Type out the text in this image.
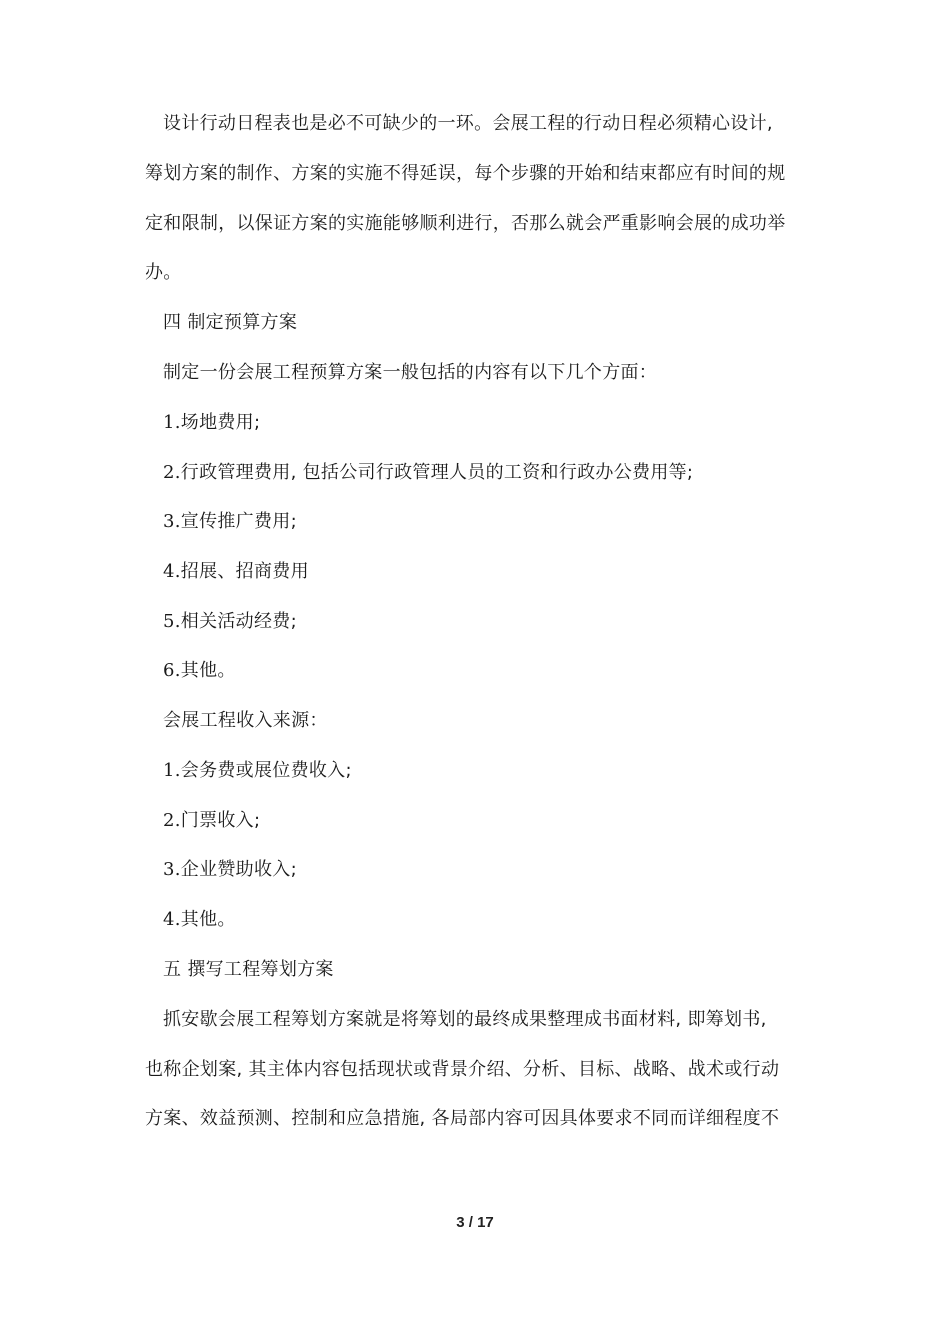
设计行动日程表也是必不可缺少的一环。会展工程的行动日程必须精心设计,
筹划方案的制作、方案的实施不得延误，每个步骤的开始和结束都应有时间的规
定和限制，以保证方案的实施能够顺利进行，否那么就会严重影响会展的成功举
办。
四 制定预算方案
制定一份会展工程预算方案一般包括的内容有以下几个方面：
1.场地费用;
2.行政管理费用, 包括公司行政管理人员的工资和行政办公费用等;
3.宣传推广费用;
4.招展、招商费用
5.相关活动经费;
6.其他。
会展工程收入来源：
1.会务费或展位费收入;
2.门票收入;
3.企业赞助收入;
4.其他。
五 撰写工程筹划方案
抓安歇会展工程筹划方案就是将筹划的最终成果整理成书面材料, 即筹划书,
也称企划案, 其主体内容包括现状或背景介绍、分析、目标、战略、战术或行动
方案、效益预测、控制和应急措施, 各局部内容可因具体要求不同而详细程度不
3 / 17
